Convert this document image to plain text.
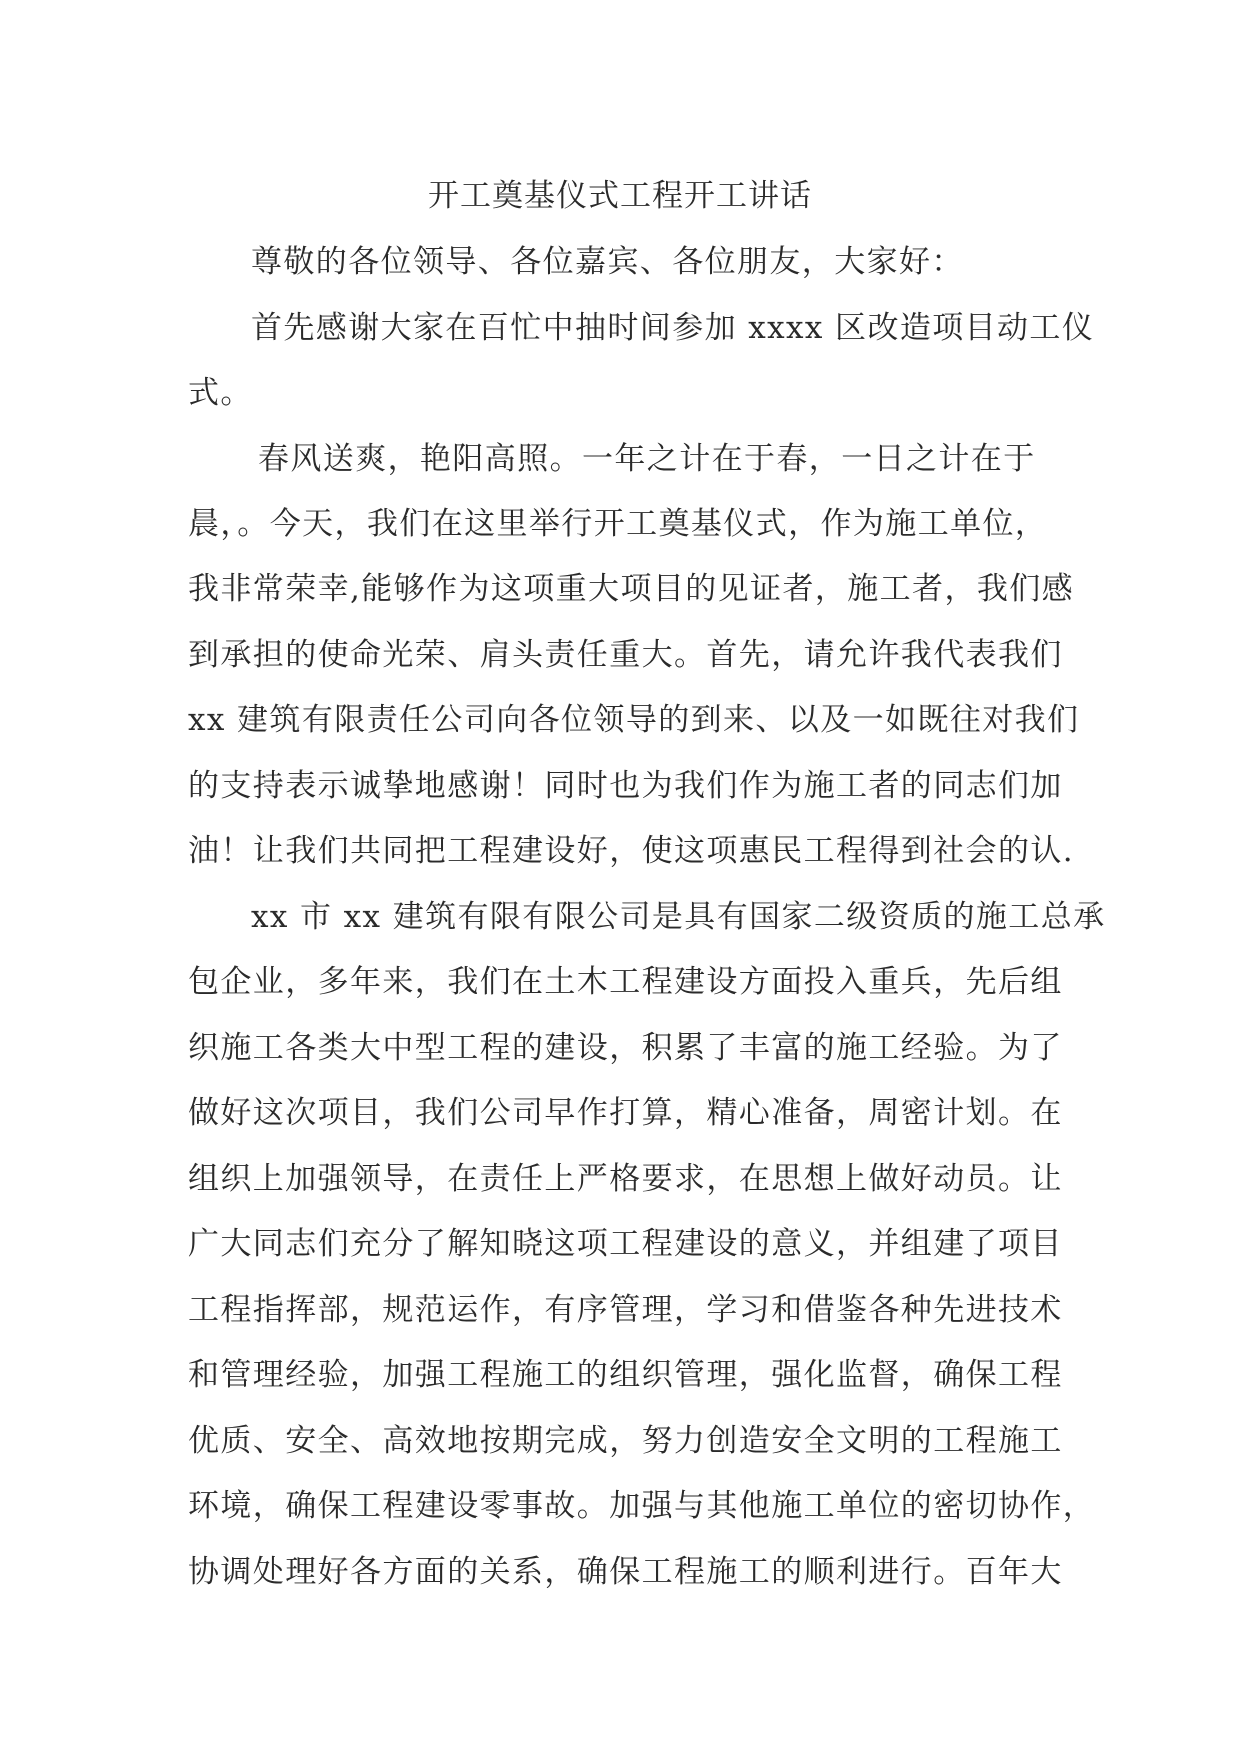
开工奠基仪式工程开工讲话
尊敬的各位领导、各位嘉宾、各位朋友，大家好：
首先感谢大家在百忙中抽时间参加 xxxx 区改造项目动工仪
式。
春风送爽，艳阳高照。一年之计在于春，一日之计在于
晨，。今天，我们在这里举行开工奠基仪式，作为施工单位，
我非常荣幸,能够作为这项重大项目的见证者，施工者，我们感
到承担的使命光荣、肩头责任重大。首先，请允许我代表我们
xx 建筑有限责任公司向各位领导的到来、以及一如既往对我们
的支持表示诚挚地感谢！同时也为我们作为施工者的同志们加
油！让我们共同把工程建设好，使这项惠民工程得到社会的认.
xx 市 xx 建筑有限有限公司是具有国家二级资质的施工总承
包企业，多年来，我们在土木工程建设方面投入重兵，先后组
织施工各类大中型工程的建设，积累了丰富的施工经验。为了
做好这次项目，我们公司早作打算，精心准备，周密计划。在
组织上加强领导，在责任上严格要求，在思想上做好动员。让
广大同志们充分了解知晓这项工程建设的意义，并组建了项目
工程指挥部，规范运作，有序管理，学习和借鉴各种先进技术
和管理经验，加强工程施工的组织管理，强化监督，确保工程
优质、安全、高效地按期完成，努力创造安全文明的工程施工
环境，确保工程建设零事故。加强与其他施工单位的密切协作，
协调处理好各方面的关系，确保工程施工的顺利进行。百年大
